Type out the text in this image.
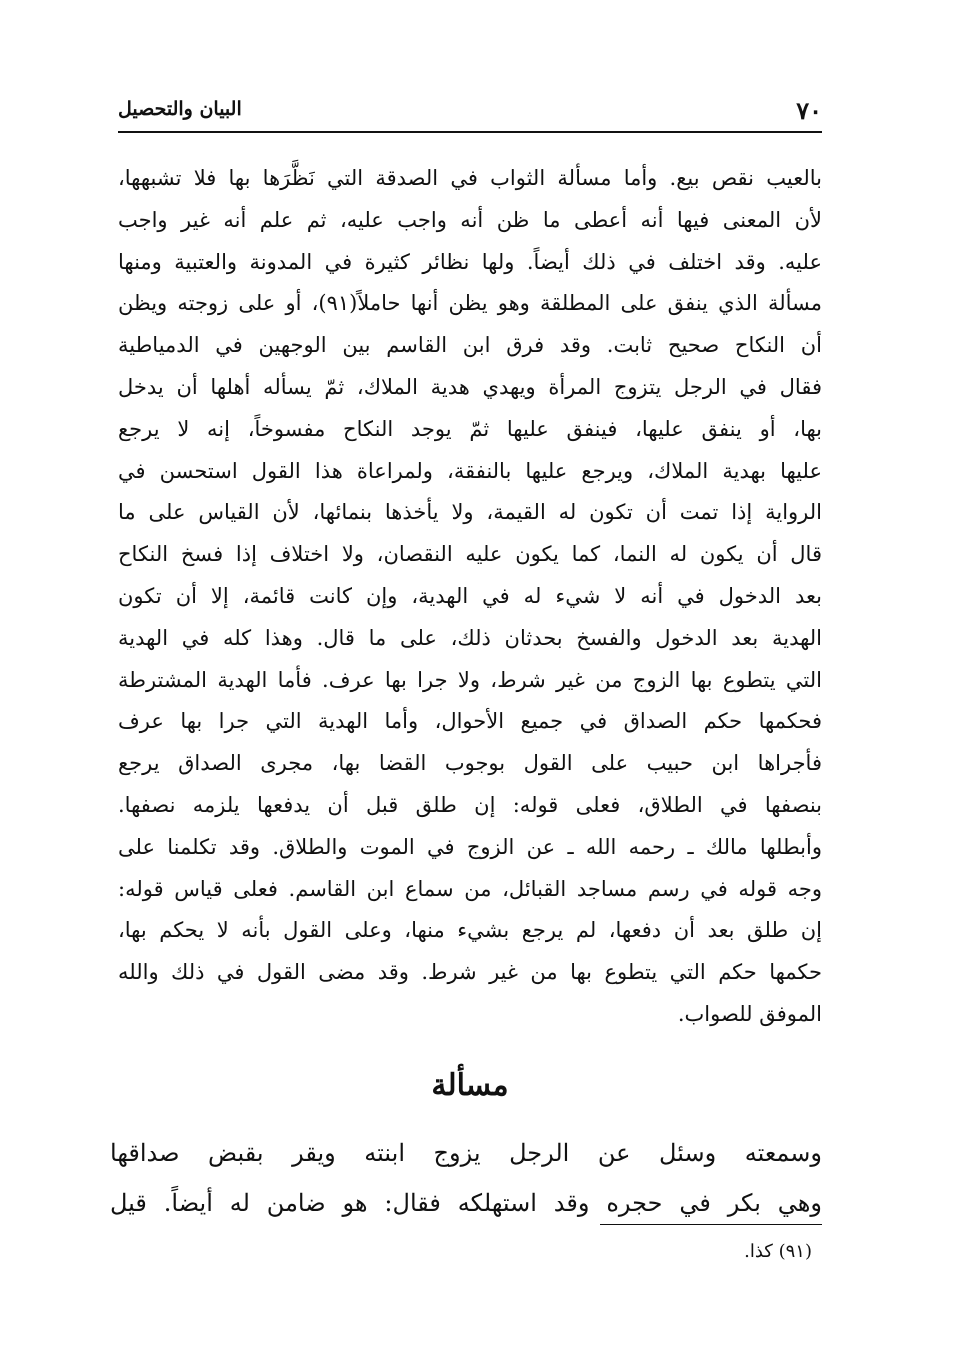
٧٠
البيان والتحصيل
بالعيب نقص بيع. وأما مسألة الثواب في الصدقة التي نَظَّرَها بها فلا تشبهها،
لأن المعنى فيها أنه أعطى ما ظن أنه واجب عليه، ثم علم أنه غير واجب
عليه. وقد اختلف في ذلك أيضاً. ولها نظائر كثيرة في المدونة والعتبية ومنها
مسألة الذي ينفق على المطلقة وهو يظن أنها حاملاً(٩١)، أو على زوجته ويظن
أن النكاح صحيح ثابت. وقد فرق ابن القاسم بين الوجهين في الدمياطية
فقال في الرجل يتزوج المرأة ويهدي هدية الملاك، ثمّ يسأله أهلها أن يدخل
بها، أو ينفق عليها، فينفق عليها ثمّ يوجد النكاح مفسوخاً، إنه لا يرجع
عليها بهدية الملاك، ويرجع عليها بالنفقة، ولمراعاة هذا القول استحسن في
الرواية إذا تمت أن تكون له القيمة، ولا يأخذها بنمائها، لأن القياس على ما
قال أن يكون له النما، كما يكون عليه النقصان، ولا اختلاف إذا فسخ النكاح
بعد الدخول في أنه لا شيء له في الهدية، وإن كانت قائمة، إلا أن تكون
الهدية بعد الدخول والفسخ بحدثان ذلك، على ما قال. وهذا كله في الهدية
التي يتطوع بها الزوج من غير شرط، ولا جرا بها عرف. فأما الهدية المشترطة
فحكمها حكم الصداق في جميع الأحوال، وأما الهدية التي جرا بها عرف
فأجراها ابن حبيب على القول بوجوب القضا بها، مجرى الصداق يرجع
بنصفها في الطلاق، فعلى قوله: إن طلق قبل أن يدفعها يلزمه نصفها.
وأبطلها مالك ـ رحمه الله ـ عن الزوج في الموت والطلاق. وقد تكلمنا على
وجه قوله في رسم مساجد القبائل، من سماع ابن القاسم. فعلى قياس قوله:
إن طلق بعد أن دفعها، لم يرجع بشيء منها، وعلى القول بأنه لا يحكم بها،
حكمها حكم التي يتطوع بها من غير شرط. وقد مضى القول في ذلك والله
الموفق للصواب.
مسألة
وسمعته وسئل عن الرجل يزوج ابنته ويقر بقبض صداقها
وهي بكر في حجره وقد استهلكه فقال: هو ضامن له أيضاً. قيل
(٩١) كذا.
